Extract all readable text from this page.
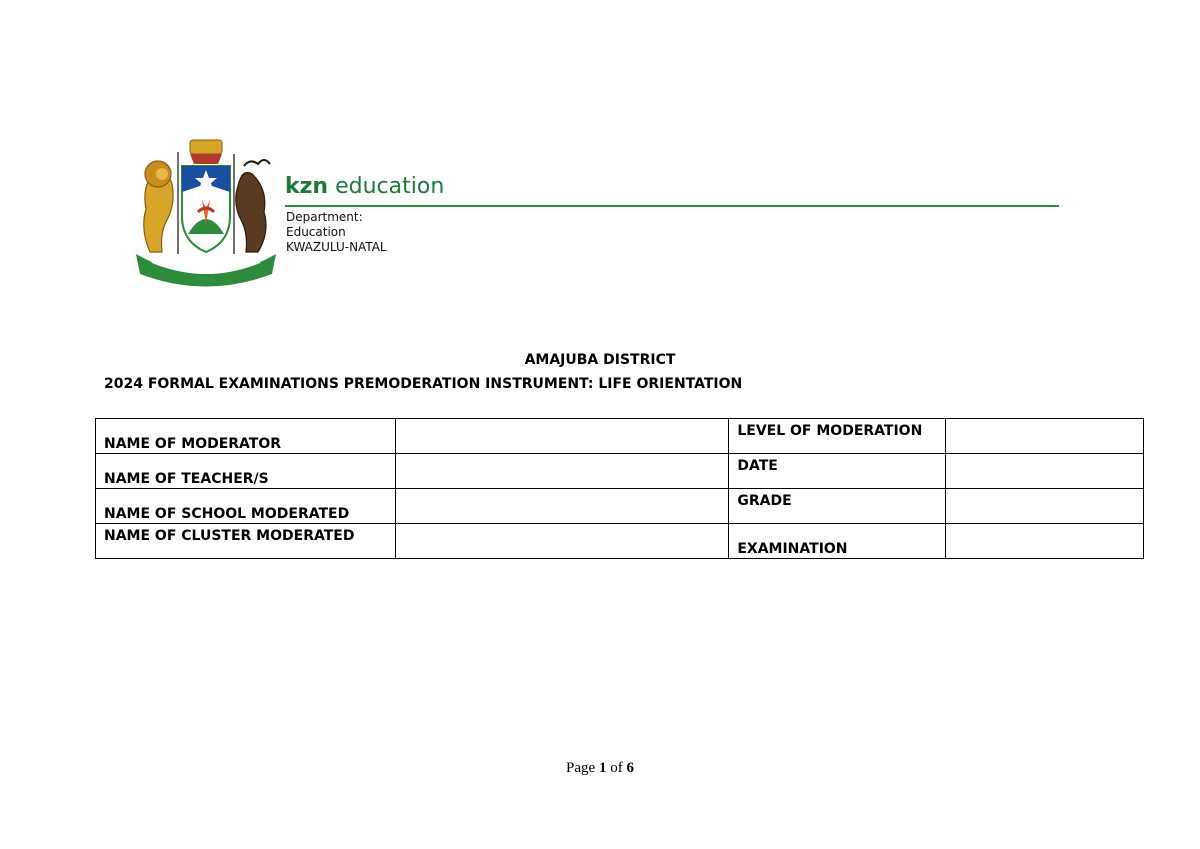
kzn education
Department:
Education
KWAZULU-NATAL
AMAJUBA DISTRICT
2024 FORMAL EXAMINATIONS PREMODERATION INSTRUMENT: LIFE ORIENTATION
NAME OF MODERATOR		LEVEL OF MODERATION	
NAME OF TEACHER/S		DATE	
NAME OF SCHOOL MODERATED		GRADE	
NAME OF CLUSTER MODERATED		EXAMINATION	
Page 1 of 6
